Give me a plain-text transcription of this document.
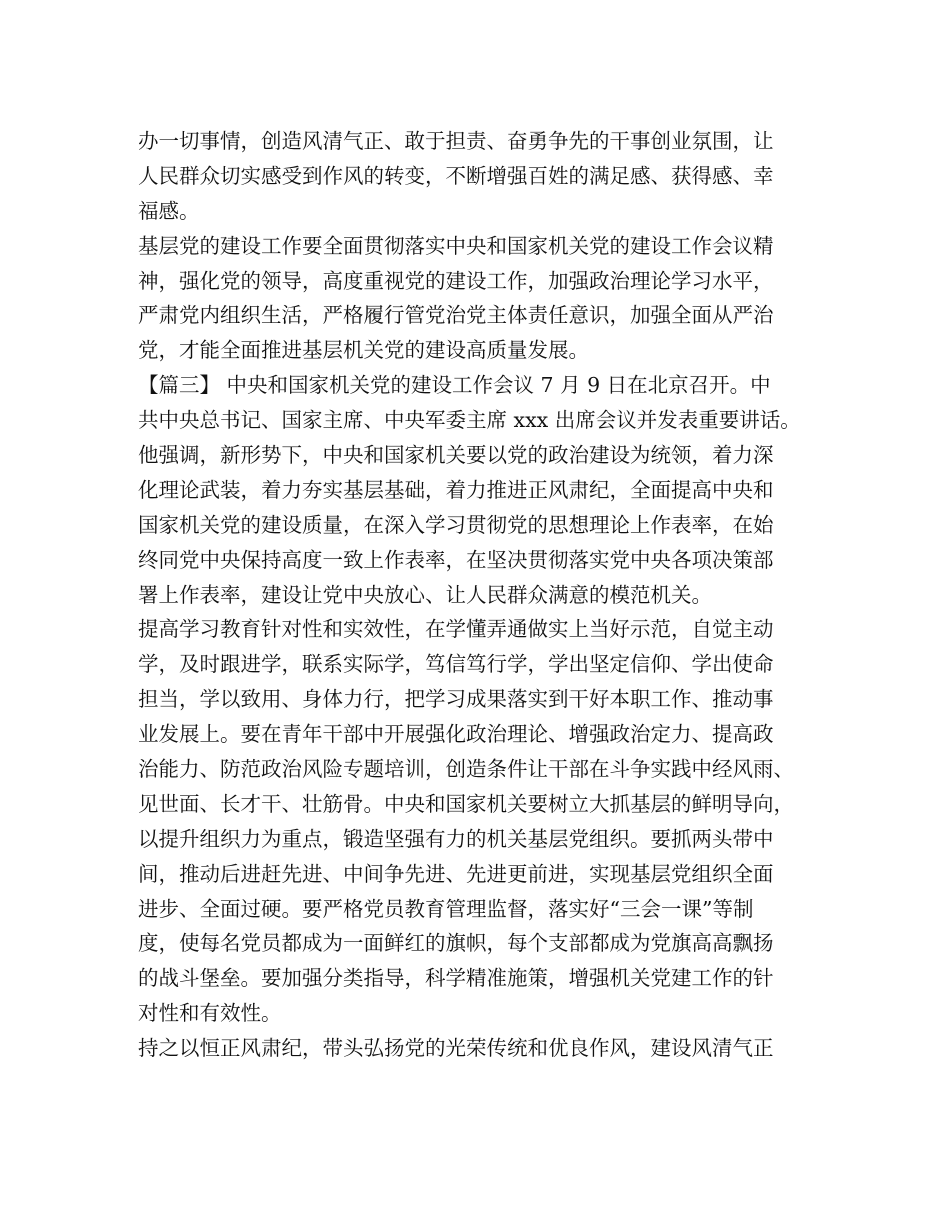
办一切事情，创造风清气正、敢于担责、奋勇争先的干事创业氛围，让
人民群众切实感受到作风的转变，不断增强百姓的满足感、获得感、幸
福感。
基层党的建设工作要全面贯彻落实中央和国家机关党的建设工作会议精
神，强化党的领导，高度重视党的建设工作，加强政治理论学习水平，
严肃党内组织生活，严格履行管党治党主体责任意识，加强全面从严治
党，才能全面推进基层机关党的建设高质量发展。
【篇三】 中央和国家机关党的建设工作会议 7 月 9 日在北京召开。中
共中央总书记、国家主席、中央军委主席 xxx 出席会议并发表重要讲话。
他强调，新形势下，中央和国家机关要以党的政治建设为统领，着力深
化理论武装，着力夯实基层基础，着力推进正风肃纪，全面提高中央和
国家机关党的建设质量，在深入学习贯彻党的思想理论上作表率，在始
终同党中央保持高度一致上作表率，在坚决贯彻落实党中央各项决策部
署上作表率，建设让党中央放心、让人民群众满意的模范机关。
提高学习教育针对性和实效性，在学懂弄通做实上当好示范，自觉主动
学，及时跟进学，联系实际学，笃信笃行学，学出坚定信仰、学出使命
担当，学以致用、身体力行，把学习成果落实到干好本职工作、推动事
业发展上。要在青年干部中开展强化政治理论、增强政治定力、提高政
治能力、防范政治风险专题培训，创造条件让干部在斗争实践中经风雨、
见世面、长才干、壮筋骨。中央和国家机关要树立大抓基层的鲜明导向，
以提升组织力为重点，锻造坚强有力的机关基层党组织。要抓两头带中
间，推动后进赶先进、中间争先进、先进更前进，实现基层党组织全面
进步、全面过硬。要严格党员教育管理监督，落实好“三会一课”等制
度，使每名党员都成为一面鲜红的旗帜，每个支部都成为党旗高高飘扬
的战斗堡垒。要加强分类指导，科学精准施策，增强机关党建工作的针
对性和有效性。
持之以恒正风肃纪，带头弘扬党的光荣传统和优良作风，建设风清气正
